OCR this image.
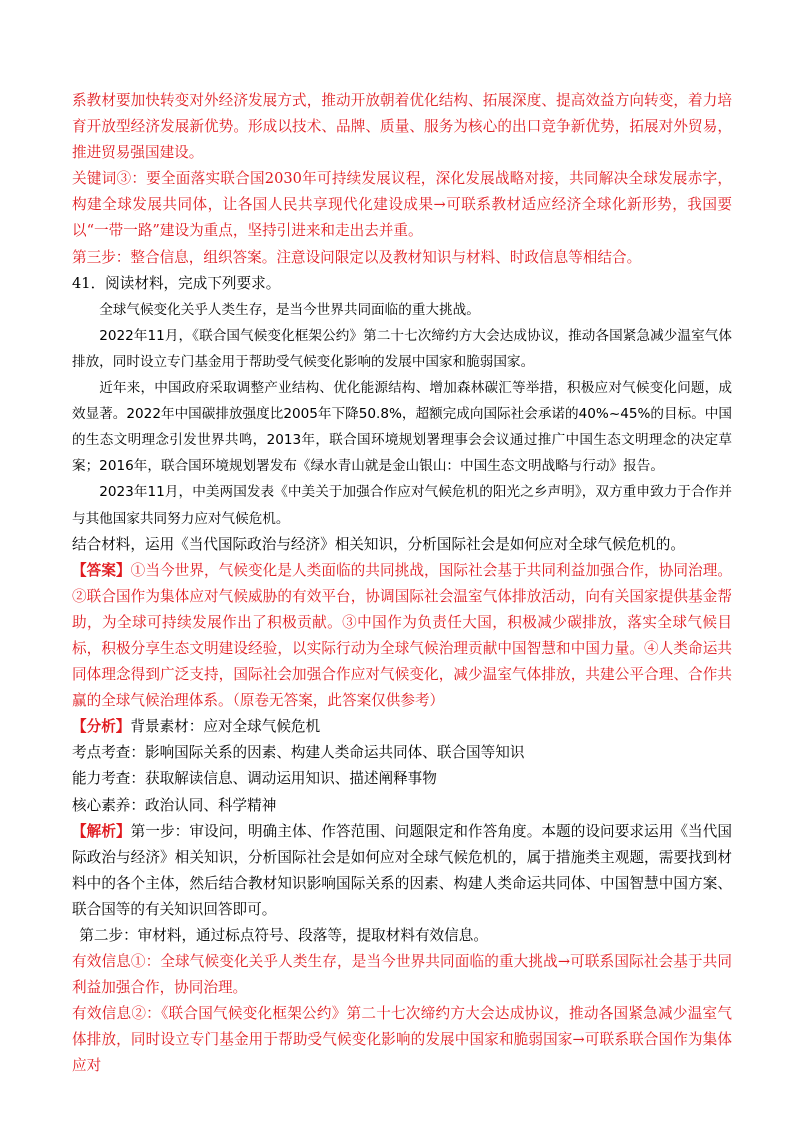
系教材要加快转变对外经济发展方式，推动开放朝着优化结构、拓展深度、提高效益方向转变，着力培育开放型经济发展新优势。形成以技术、品牌、质量、服务为核心的出口竞争新优势，拓展对外贸易，推进贸易强国建设。

关键词③：要全面落实联合国2030年可持续发展议程，深化发展战略对接，共同解决全球发展赤字，构建全球发展共同体，让各国人民共享现代化建设成果→可联系教材适应经济全球化新形势，我国要以“一带一路”建设为重点，坚持引进来和走出去并重。

第三步：整合信息，组织答案。注意设问限定以及教材知识与材料、时政信息等相结合。

41．阅读材料，完成下列要求。

全球气候变化关乎人类生存，是当今世界共同面临的重大挑战。

2022年11月，《联合国气候变化框架公约》第二十七次缔约方大会达成协议，推动各国紧急减少温室气体排放，同时设立专门基金用于帮助受气候变化影响的发展中国家和脆弱国家。

近年来，中国政府采取调整产业结构、优化能源结构、增加森林碳汇等举措，积极应对气候变化问题，成效显著。2022年中国碳排放强度比2005年下降50.8%，超额完成向国际社会承诺的40%~45%的目标。中国的生态文明理念引发世界共鸣，2013年，联合国环境规划署理事会会议通过推广中国生态文明理念的决定草案；2016年，联合国环境规划署发布《绿水青山就是金山银山：中国生态文明战略与行动》报告。

2023年11月，中美两国发表《中美关于加强合作应对气候危机的阳光之乡声明》，双方重申致力于合作并与其他国家共同努力应对气候危机。

结合材料，运用《当代国际政治与经济》相关知识，分析国际社会是如何应对全球气候危机的。

【答案】①当今世界，气候变化是人类面临的共同挑战，国际社会基于共同利益加强合作，协同治理。②联合国作为集体应对气候威胁的有效平台，协调国际社会温室气体排放活动，向有关国家提供基金帮助，为全球可持续发展作出了积极贡献。③中国作为负责任大国，积极减少碳排放，落实全球气候目标，积极分享生态文明建设经验，以实际行动为全球气候治理贡献中国智慧和中国力量。④人类命运共同体理念得到广泛支持，国际社会加强合作应对气候变化，减少温室气体排放，共建公平合理、合作共赢的全球气候治理体系。（原卷无答案，此答案仅供参考）

【分析】背景素材：应对全球气候危机

考点考查：影响国际关系的因素、构建人类命运共同体、联合国等知识

能力考查：获取解读信息、调动运用知识、描述阐释事物

核心素养：政治认同、科学精神

【解析】第一步：审设问，明确主体、作答范围、问题限定和作答角度。本题的设问要求运用《当代国际政治与经济》相关知识，分析国际社会是如何应对全球气候危机的，属于措施类主观题，需要找到材料中的各个主体，然后结合教材知识影响国际关系的因素、构建人类命运共同体、中国智慧中国方案、联合国等的有关知识回答即可。

第二步：审材料，通过标点符号、段落等，提取材料有效信息。

有效信息①：全球气候变化关乎人类生存，是当今世界共同面临的重大挑战→可联系国际社会基于共同利益加强合作，协同治理。

有效信息②：《联合国气候变化框架公约》第二十七次缔约方大会达成协议，推动各国紧急减少温室气体排放，同时设立专门基金用于帮助受气候变化影响的发展中国家和脆弱国家→可联系联合国作为集体应对
